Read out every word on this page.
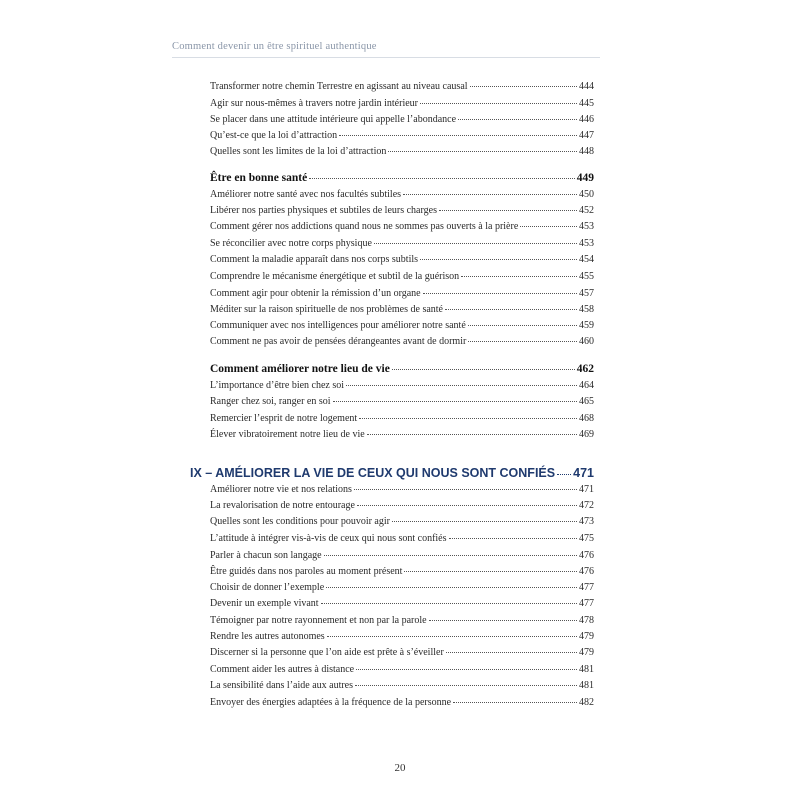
Comment devenir un être spirituel authentique
Transformer notre chemin Terrestre en agissant au niveau causal	444
Agir sur nous-mêmes à travers notre jardin intérieur	445
Se placer dans une attitude intérieure qui appelle l’abondance	446
Qu’est-ce que la loi d’attraction	447
Quelles sont les limites de la loi d’attraction	448
Être en bonne santé	449
Améliorer notre santé avec nos facultés subtiles	450
Libérer nos parties physiques et subtiles de leurs charges	452
Comment gérer nos addictions quand nous ne sommes pas ouverts à la prière	453
Se réconcilier avec notre corps physique	453
Comment la maladie apparaît dans nos corps subtils	454
Comprendre le mécanisme énergétique et subtil de la guérison	455
Comment agir pour obtenir la rémission d’un organe	457
Méditer sur la raison spirituelle de nos problèmes de santé	458
Communiquer avec nos intelligences pour améliorer notre santé	459
Comment ne pas avoir de pensées dérangeantes avant de dormir	460
Comment améliorer notre lieu de vie	462
L’importance d’être bien chez soi	464
Ranger chez soi, ranger en soi	465
Remercier l’esprit de notre logement	468
Élever vibratoirement notre lieu de vie	469
IX – AMÉLIORER LA VIE DE CEUX QUI NOUS SONT CONFIÉS 471
Améliorer notre vie et nos relations	471
La revalorisation de notre entourage	472
Quelles sont les conditions pour pouvoir agir	473
L’attitude à intégrer vis-à-vis de ceux qui nous sont confiés	475
Parler à chacun son langage	476
Être guidés dans nos paroles au moment présent	476
Choisir de donner l’exemple	477
Devenir un exemple vivant	477
Témoigner par notre rayonnement et non par la parole	478
Rendre les autres autonomes	479
Discerner si la personne que l’on aide est prête à s’éveiller	479
Comment aider les autres à distance	481
La sensibilité dans l’aide aux autres	481
Envoyer des énergies adaptées à la fréquence de la personne	482
20
